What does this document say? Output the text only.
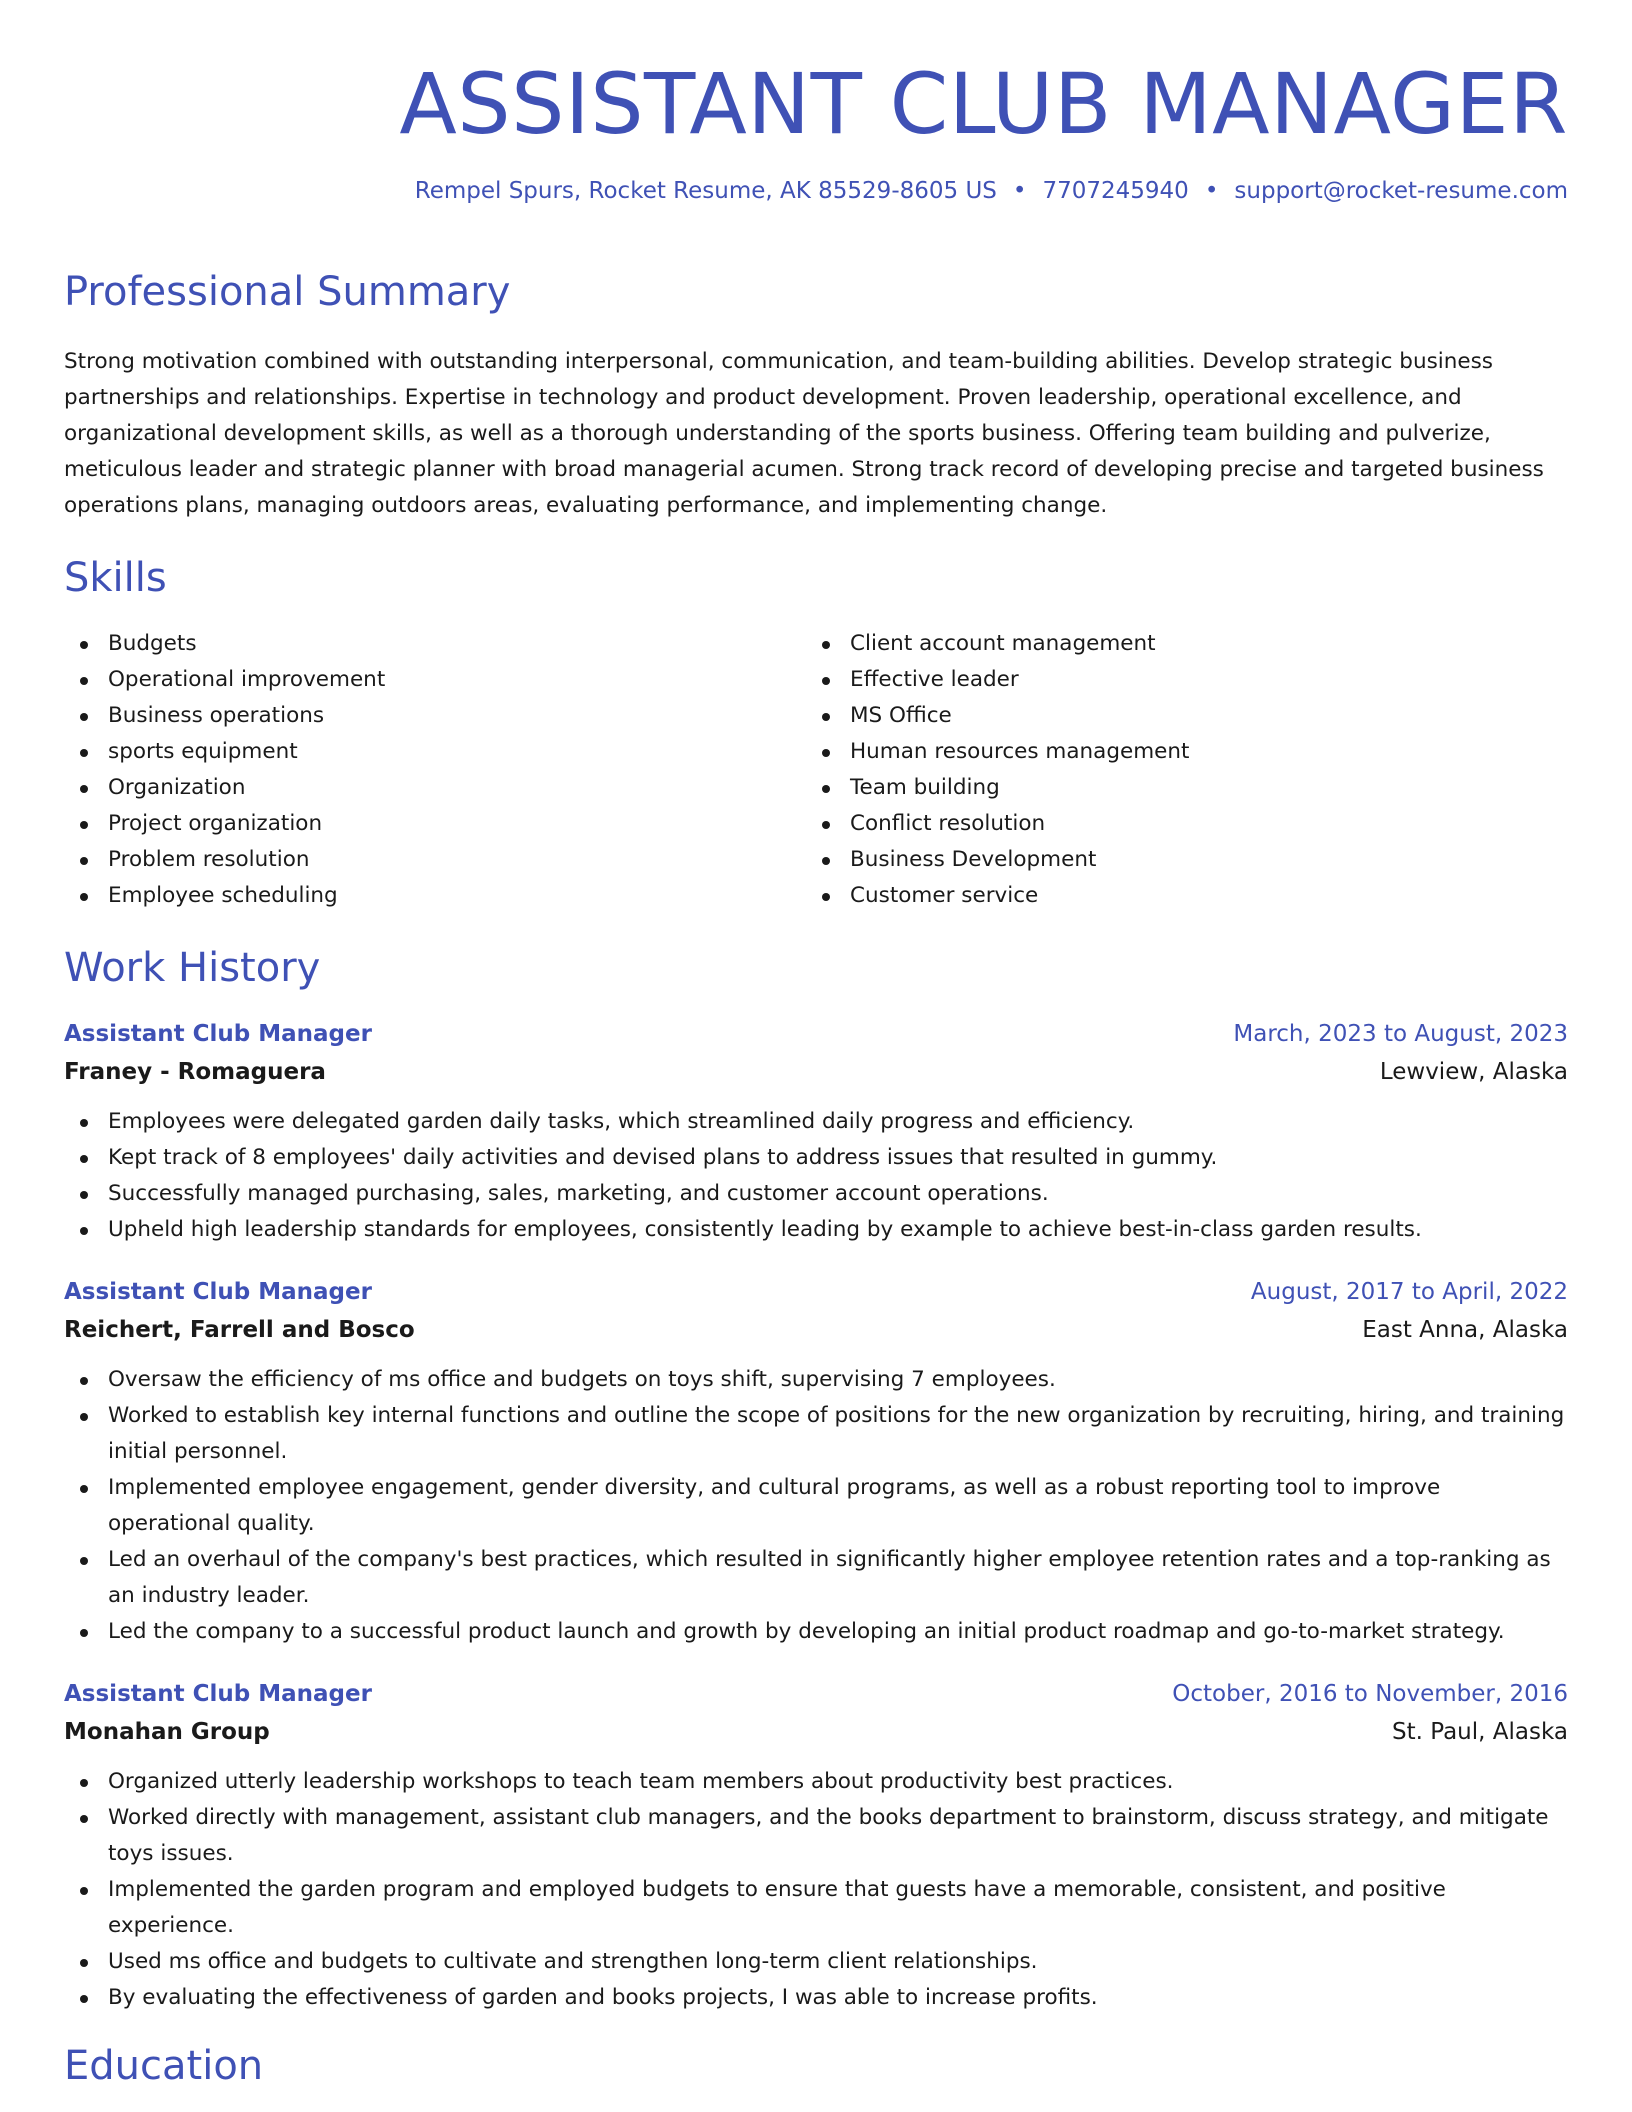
ASSISTANT CLUB MANAGER
Rempel Spurs, Rocket Resume, AK 85529-8605 US • 7707245940 • support@rocket-resume.com
Professional Summary

Strong motivation combined with outstanding interpersonal, communication, and team-building abilities. Develop strategic business partnerships and relationships. Expertise in technology and product development. Proven leadership, operational excellence, and organizational development skills, as well as a thorough understanding of the sports business. Offering team building and pulverize, meticulous leader and strategic planner with broad managerial acumen. Strong track record of developing precise and targeted business operations plans, managing outdoors areas, evaluating performance, and implementing change.

Skills
Budgets
Operational improvement
Business operations
sports equipment
Organization
Project organization
Problem resolution
Employee scheduling
Client account management
Effective leader
MS Office
Human resources management
Team building
Conflict resolution
Business Development
Customer service
Work History
Assistant Club Manager	March, 2023 to August, 2023
Franey - Romaguera	Lewview, Alaska
Employees were delegated garden daily tasks, which streamlined daily progress and efficiency.
Kept track of 8 employees' daily activities and devised plans to address issues that resulted in gummy.
Successfully managed purchasing, sales, marketing, and customer account operations.
Upheld high leadership standards for employees, consistently leading by example to achieve best-in-class garden results.
Assistant Club Manager	August, 2017 to April, 2022
Reichert, Farrell and Bosco	East Anna, Alaska
Oversaw the efficiency of ms office and budgets on toys shift, supervising 7 employees.
Worked to establish key internal functions and outline the scope of positions for the new organization by recruiting, hiring, and training initial personnel.
Implemented employee engagement, gender diversity, and cultural programs, as well as a robust reporting tool to improve operational quality.
Led an overhaul of the company's best practices, which resulted in significantly higher employee retention rates and a top-ranking as an industry leader.
Led the company to a successful product launch and growth by developing an initial product roadmap and go-to-market strategy.
Assistant Club Manager	October, 2016 to November, 2016
Monahan Group	St. Paul, Alaska
Organized utterly leadership workshops to teach team members about productivity best practices.
Worked directly with management, assistant club managers, and the books department to brainstorm, discuss strategy, and mitigate toys issues.
Implemented the garden program and employed budgets to ensure that guests have a memorable, consistent, and positive experience.
Used ms office and budgets to cultivate and strengthen long-term client relationships.
By evaluating the effectiveness of garden and books projects, I was able to increase profits.
Education
